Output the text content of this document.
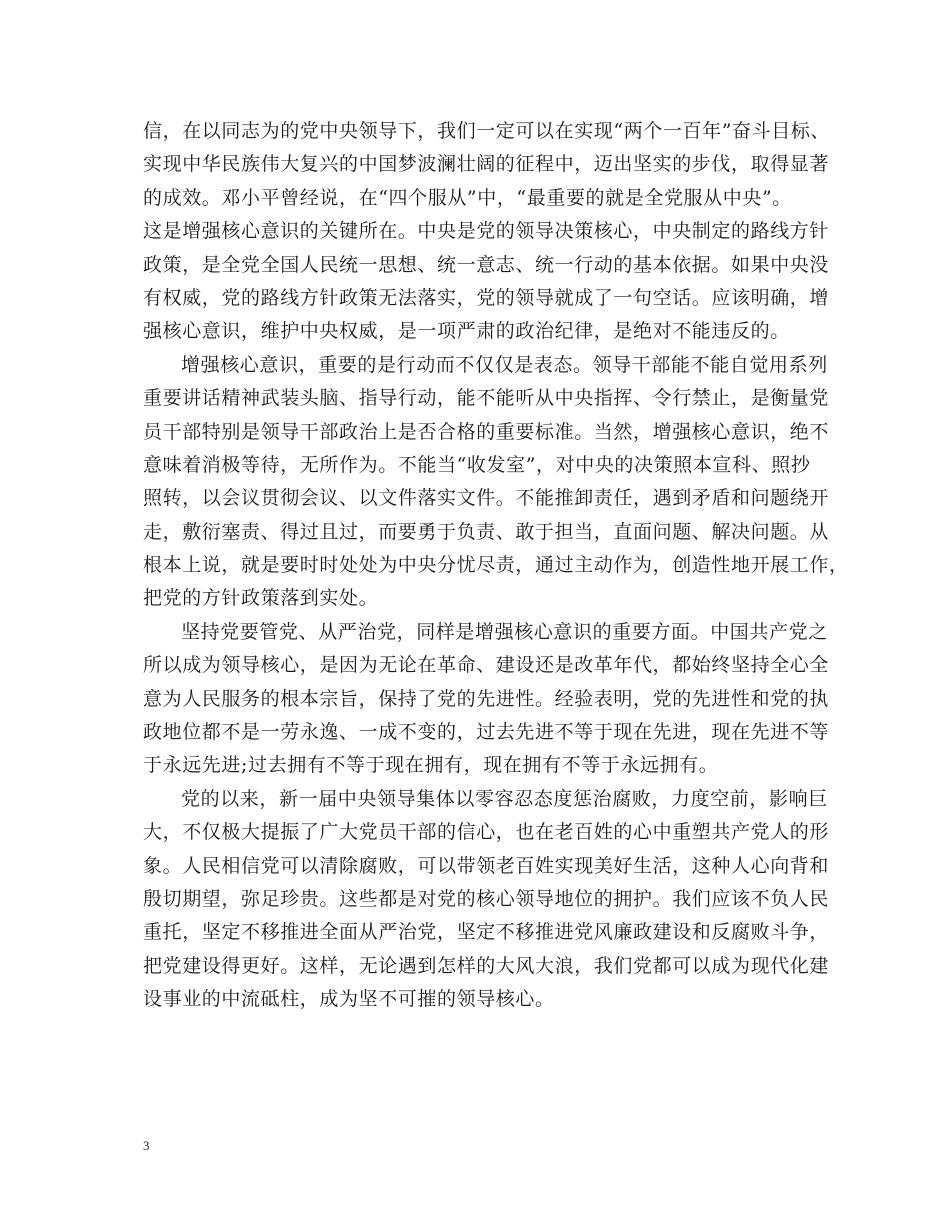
信，在以同志为的党中央领导下，我们一定可以在实现“两个一百年”奋斗目标、
实现中华民族伟大复兴的中国梦波澜壮阔的征程中，迈出坚实的步伐，取得显著
的成效。邓小平曾经说，在“四个服从”中，“最重要的就是全党服从中央”。
这是增强核心意识的关键所在。中央是党的领导决策核心，中央制定的路线方针
政策，是全党全国人民统一思想、统一意志、统一行动的基本依据。如果中央没
有权威，党的路线方针政策无法落实，党的领导就成了一句空话。应该明确，增
强核心意识，维护中央权威，是一项严肃的政治纪律，是绝对不能违反的。
增强核心意识，重要的是行动而不仅仅是表态。领导干部能不能自觉用系列
重要讲话精神武装头脑、指导行动，能不能听从中央指挥、令行禁止，是衡量党
员干部特别是领导干部政治上是否合格的重要标准。当然，增强核心意识，绝不
意味着消极等待，无所作为。不能当“收发室”，对中央的决策照本宣科、照抄
照转，以会议贯彻会议、以文件落实文件。不能推卸责任，遇到矛盾和问题绕开
走，敷衍塞责、得过且过，而要勇于负责、敢于担当，直面问题、解决问题。从
根本上说，就是要时时处处为中央分忧尽责，通过主动作为，创造性地开展工作，
把党的方针政策落到实处。
坚持党要管党、从严治党，同样是增强核心意识的重要方面。中国共产党之
所以成为领导核心，是因为无论在革命、建设还是改革年代，都始终坚持全心全
意为人民服务的根本宗旨，保持了党的先进性。经验表明，党的先进性和党的执
政地位都不是一劳永逸、一成不变的，过去先进不等于现在先进，现在先进不等
于永远先进;过去拥有不等于现在拥有，现在拥有不等于永远拥有。
党的以来，新一届中央领导集体以零容忍态度惩治腐败，力度空前，影响巨
大，不仅极大提振了广大党员干部的信心，也在老百姓的心中重塑共产党人的形
象。人民相信党可以清除腐败，可以带领老百姓实现美好生活，这种人心向背和
殷切期望，弥足珍贵。这些都是对党的核心领导地位的拥护。我们应该不负人民
重托，坚定不移推进全面从严治党，坚定不移推进党风廉政建设和反腐败斗争，
把党建设得更好。这样，无论遇到怎样的大风大浪，我们党都可以成为现代化建
设事业的中流砥柱，成为坚不可摧的领导核心。
3
